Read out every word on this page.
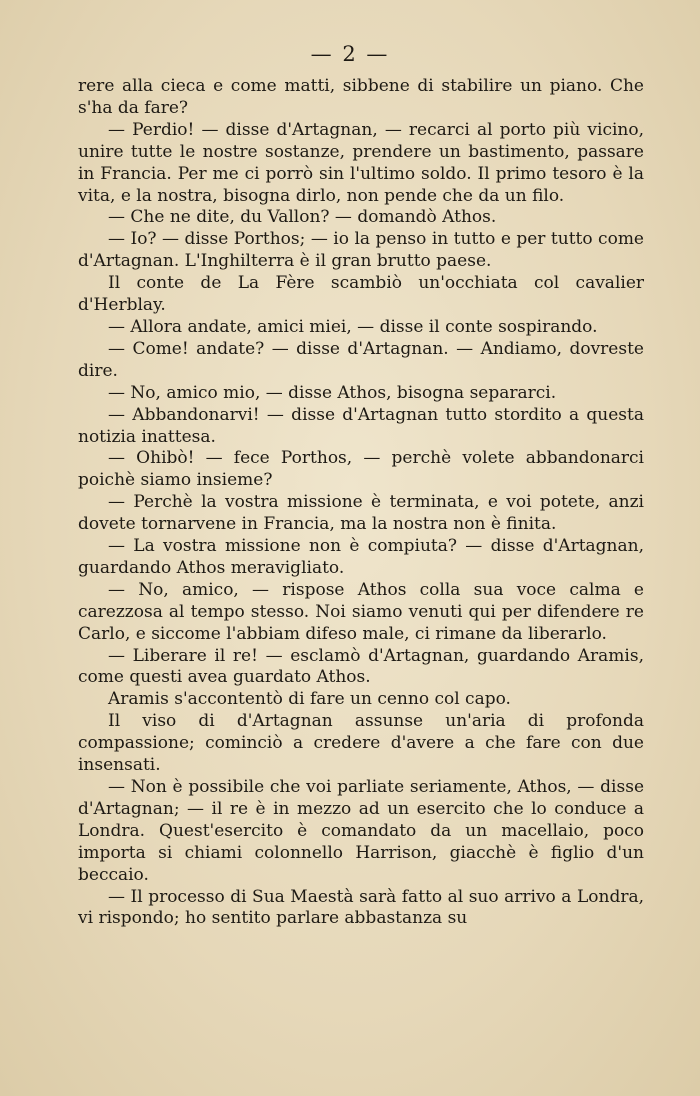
— 2 —

rere alla cieca e come matti, sibbene di stabilire un piano. Che s'ha da fare?

— Perdio! — disse d'Artagnan, — recarci al porto più vicino, unire tutte le nostre sostanze, prendere un bastimento, passare in Francia. Per me ci porrò sin l'ultimo soldo. Il primo tesoro è la vita, e la nostra, bisogna dirlo, non pende che da un filo.

— Che ne dite, du Vallon? — domandò Athos.

— Io? — disse Porthos; — io la penso in tutto e per tutto come d'Artagnan. L'Inghilterra è il gran brutto paese.

Il conte de La Fère scambiò un'occhiata col cavalier d'Herblay.

— Allora andate, amici miei, — disse il conte sospirando.

— Come! andate? — disse d'Artagnan. — Andiamo, dovreste dire.

— No, amico mio, — disse Athos, bisogna separarci.

— Abbandonarvi! — disse d'Artagnan tutto stordito a questa notizia inattesa.

— Ohibò! — fece Porthos, — perchè volete abbandonarci poichè siamo insieme?

— Perchè la vostra missione è terminata, e voi potete, anzi dovete tornarvene in Francia, ma la nostra non è finita.

— La vostra missione non è compiuta? — disse d'Artagnan, guardando Athos meravigliato.

— No, amico, — rispose Athos colla sua voce calma e carezzosa al tempo stesso. Noi siamo venuti qui per difendere re Carlo, e siccome l'abbiam difeso male, ci rimane da liberarlo.

— Liberare il re! — esclamò d'Artagnan, guardando Aramis, come questi avea guardato Athos.

Aramis s'accontentò di fare un cenno col capo.

Il viso di d'Artagnan assunse un'aria di profonda compassione; cominciò a credere d'avere a che fare con due insensati.

— Non è possibile che voi parliate seriamente, Athos, — disse d'Artagnan; — il re è in mezzo ad un esercito che lo conduce a Londra. Quest'esercito è comandato da un macellaio, poco importa si chiami colonnello Harrison, giacchè è figlio d'un beccaio.

— Il processo di Sua Maestà sarà fatto al suo arrivo a Londra, vi rispondo; ho sentito parlare abbastanza su
